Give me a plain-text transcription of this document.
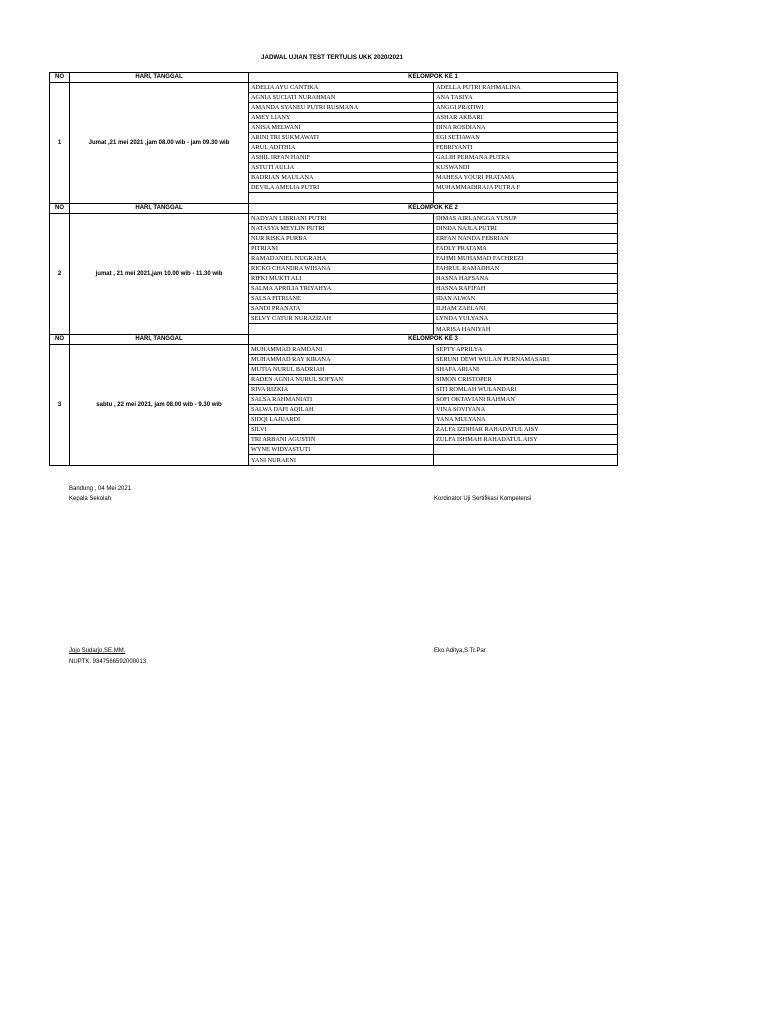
JADWAL UJIAN TEST TERTULIS UKK 2020/2021
NO	HARI, TANGGAL	KELOMPOK KE 1	
1	Jumat ,21 mei 2021 ,jam 08.00 wib - jam 09.30 wib	ADELIA AYU CANTIKA	ADELLA PUTRI RAHMALINA
		AGNIA SUCIATI NURAHMAN	ANA TASIYA
		AMANDA SYANEU PUTRI RUSMANA	ANGGI PRATIWI
		AMEY LIANY	ASHAR AKBARI
		ANISA MELWANI	DINA ROSDIANA
		ARINI TRI SUKMAWATI	EGI SETIAWAN
		ARUL ADITHIA	FEBRIYANTI
		ASHIL IRFAN HANIF	GALIH PERMANA PUTRA
		ASTUTI AULIA	KUSWANDI
		BADRIAN MAULANA	MAHESA YOURI PRATAMA
		DEVILA AMELIA PUTRI	MUHAMMADIRAJA PUTRA F

NO	HARI, TANGGAL	KELOMPOK KE 2	
2	jumat , 21 mei 2021,jam 10.00 wib - 11.30 wib	NADYAN LIBRIANI PUTRI	DIMAS AIRLANGGA YUSUP
		NATASYA MEYLIN PUTRI	DINDA NAJLA PUTRI
		NUR RISKA PURBA	ERFAN NANDA FEBRIAN
		PITRIANI	FADLY PRATAMA
		RAMADANIEL NUGRAHA	FAHMI MUHAMAD FACHREZI
		RICKO CHANDRA WIHANA	FAHRUL RAMADHAN
		RIFKI MUKTI ALI	HASNA HAFSANA
		SALMA APRILIA TRIYAHYA	HASNA RAFIFAH
		SALSA FITRIANE	IDAN ALWAN
		SANDI PRANATA	ILHAM ZAELANI
		SELVY CATUR NURAZIZAH	LYNDA YULYANA
			MARISA HANIYAH
NO	HARI, TANGGAL	KELOMPOK KE 3	
3	sabtu , 22 mei 2021, jam 08.00 wib - 9.30 wib	MUHAMMAD RAMDANI	SEPTY APRILYA
		MUHAMMAD RAY KIRANA	SERUNI DEWI WULAN PURNAMASARI
		MUTIA NURUL BADRIAH	SHAFA ARIANI
		RADEN AGNIA NURUL SOFYAN	SIMON CRISTOPER
		RIVA RIZKIA	SITI ROMLAH WULANDARI
		SALSA RAHMANIATI	SOFI OKTAVIANI RAHMAN
		SALWA DAFI AQILAH	VINA SOVIYANA
		SIDQI LAJUARDI	YANA MULYANA
		SILVI	ZALFA IZDIHAR RAHADATUL AISY
		TRI ARBANI AGUSTIN	ZULFA ISHMAH RAHADATUL AISY
		WYNE WIDYASTUTI	
		YANI NURAENI	
Bandung , 04 Mei 2021
Kepala Sekolah	Kordinator Uji Sertifikasi Kompetensi
Jojo Sudarjo,SE.MM.
NUPTK. 9347566592000013
Eko Aditya,S.Tr.Par
